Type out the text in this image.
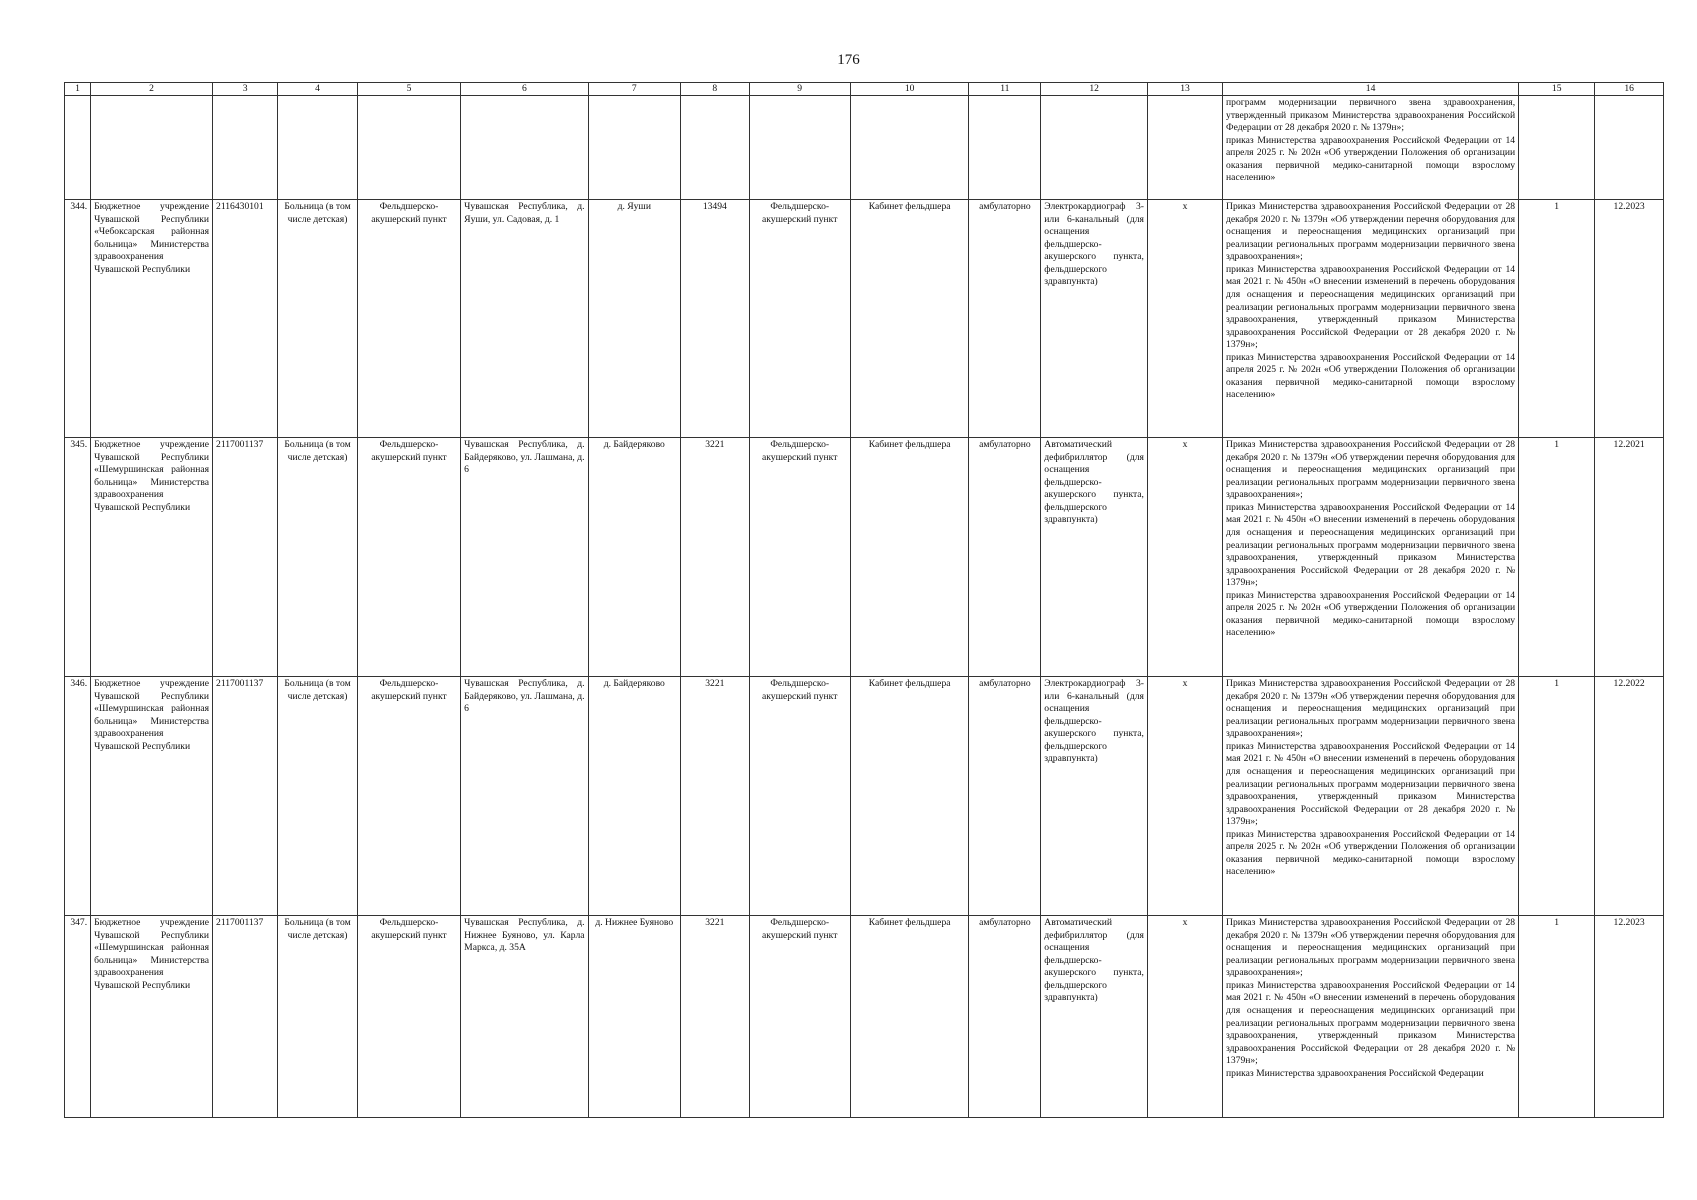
176
1	2	3	4	5	6	7	8	9	10	11	12	13	14	15	16
													программ модернизации первичного звена здравоохранения, утвержденный приказом Министерства здравоохранения Российской Федерации от 28 декабря 2020 г. № 1379н»;
приказ Министерства здравоохранения Российской Федерации от 14 апреля 2025 г. № 202н «Об утверждении Положения об организации оказания первичной медико-санитарной помощи взрослому населению»		
344.	Бюджетное учреждение Чувашской Республики «Чебоксарская районная больница» Министерства здравоохранения Чувашской Республики	2116430101	Больница (в том числе детская)	Фельдшерско-акушерский пункт	Чувашская Республика, д. Яуши, ул. Садовая, д. 1	д. Яуши	13494	Фельдшерско-акушерский пункт	Кабинет фельдшера	амбулаторно	Электрокардиограф 3- или 6-канальный (для оснащения фельдшерско-акушерского пункта, фельдшерского здравпункта)	x	Приказ Министерства здравоохранения Российской Федерации от 28 декабря 2020 г. № 1379н «Об утверждении перечня оборудования для оснащения и переоснащения медицинских организаций при реализации региональных программ модернизации первичного звена здравоохранения»;
приказ Министерства здравоохранения Российской Федерации от 14 мая 2021 г. № 450н «О внесении изменений в перечень оборудования для оснащения и переоснащения медицинских организаций при реализации региональных программ модернизации первичного звена здравоохранения, утвержденный приказом Министерства здравоохранения Российской Федерации от 28 декабря 2020 г. № 1379н»;
приказ Министерства здравоохранения Российской Федерации от 14 апреля 2025 г. № 202н «Об утверждении Положения об организации оказания первичной медико-санитарной помощи взрослому населению»	1	12.2023
345.	Бюджетное учреждение Чувашской Республики «Шемуршинская районная больница» Министерства здравоохранения Чувашской Республики	2117001137	Больница (в том числе детская)	Фельдшерско-акушерский пункт	Чувашская Республика, д. Байдеряково, ул. Лашмана, д. 6	д. Байдеряково	3221	Фельдшерско-акушерский пункт	Кабинет фельдшера	амбулаторно	Автоматический дефибриллятор (для оснащения фельдшерско-акушерского пункта, фельдшерского здравпункта)	x	Приказ Министерства здравоохранения Российской Федерации от 28 декабря 2020 г. № 1379н «Об утверждении перечня оборудования для оснащения и переоснащения медицинских организаций при реализации региональных программ модернизации первичного звена здравоохранения»;
приказ Министерства здравоохранения Российской Федерации от 14 мая 2021 г. № 450н «О внесении изменений в перечень оборудования для оснащения и переоснащения медицинских организаций при реализации региональных программ модернизации первичного звена здравоохранения, утвержденный приказом Министерства здравоохранения Российской Федерации от 28 декабря 2020 г. № 1379н»;
приказ Министерства здравоохранения Российской Федерации от 14 апреля 2025 г. № 202н «Об утверждении Положения об организации оказания первичной медико-санитарной помощи взрослому населению»	1	12.2021
346.	Бюджетное учреждение Чувашской Республики «Шемуршинская районная больница» Министерства здравоохранения Чувашской Республики	2117001137	Больница (в том числе детская)	Фельдшерско-акушерский пункт	Чувашская Республика, д. Байдеряково, ул. Лашмана, д. 6	д. Байдеряково	3221	Фельдшерско-акушерский пункт	Кабинет фельдшера	амбулаторно	Электрокардиограф 3- или 6-канальный (для оснащения фельдшерско-акушерского пункта, фельдшерского здравпункта)	x	Приказ Министерства здравоохранения Российской Федерации от 28 декабря 2020 г. № 1379н «Об утверждении перечня оборудования для оснащения и переоснащения медицинских организаций при реализации региональных программ модернизации первичного звена здравоохранения»;
приказ Министерства здравоохранения Российской Федерации от 14 мая 2021 г. № 450н «О внесении изменений в перечень оборудования для оснащения и переоснащения медицинских организаций при реализации региональных программ модернизации первичного звена здравоохранения, утвержденный приказом Министерства здравоохранения Российской Федерации от 28 декабря 2020 г. № 1379н»;
приказ Министерства здравоохранения Российской Федерации от 14 апреля 2025 г. № 202н «Об утверждении Положения об организации оказания первичной медико-санитарной помощи взрослому населению»	1	12.2022
347.	Бюджетное учреждение Чувашской Республики «Шемуршинская районная больница» Министерства здравоохранения Чувашской Республики	2117001137	Больница (в том числе детская)	Фельдшерско-акушерский пункт	Чувашская Республика, д. Нижнее Буяново, ул. Карла Маркса, д. 35А	д. Нижнее Буяново	3221	Фельдшерско-акушерский пункт	Кабинет фельдшера	амбулаторно	Автоматический дефибриллятор (для оснащения фельдшерско-акушерского пункта, фельдшерского здравпункта)	x	Приказ Министерства здравоохранения Российской Федерации от 28 декабря 2020 г. № 1379н «Об утверждении перечня оборудования для оснащения и переоснащения медицинских организаций при реализации региональных программ модернизации первичного звена здравоохранения»;
приказ Министерства здравоохранения Российской Федерации от 14 мая 2021 г. № 450н «О внесении изменений в перечень оборудования для оснащения и переоснащения медицинских организаций при реализации региональных программ модернизации первичного звена здравоохранения, утвержденный приказом Министерства здравоохранения Российской Федерации от 28 декабря 2020 г. № 1379н»;
приказ Министерства здравоохранения Российской Федерации	1	12.2023
